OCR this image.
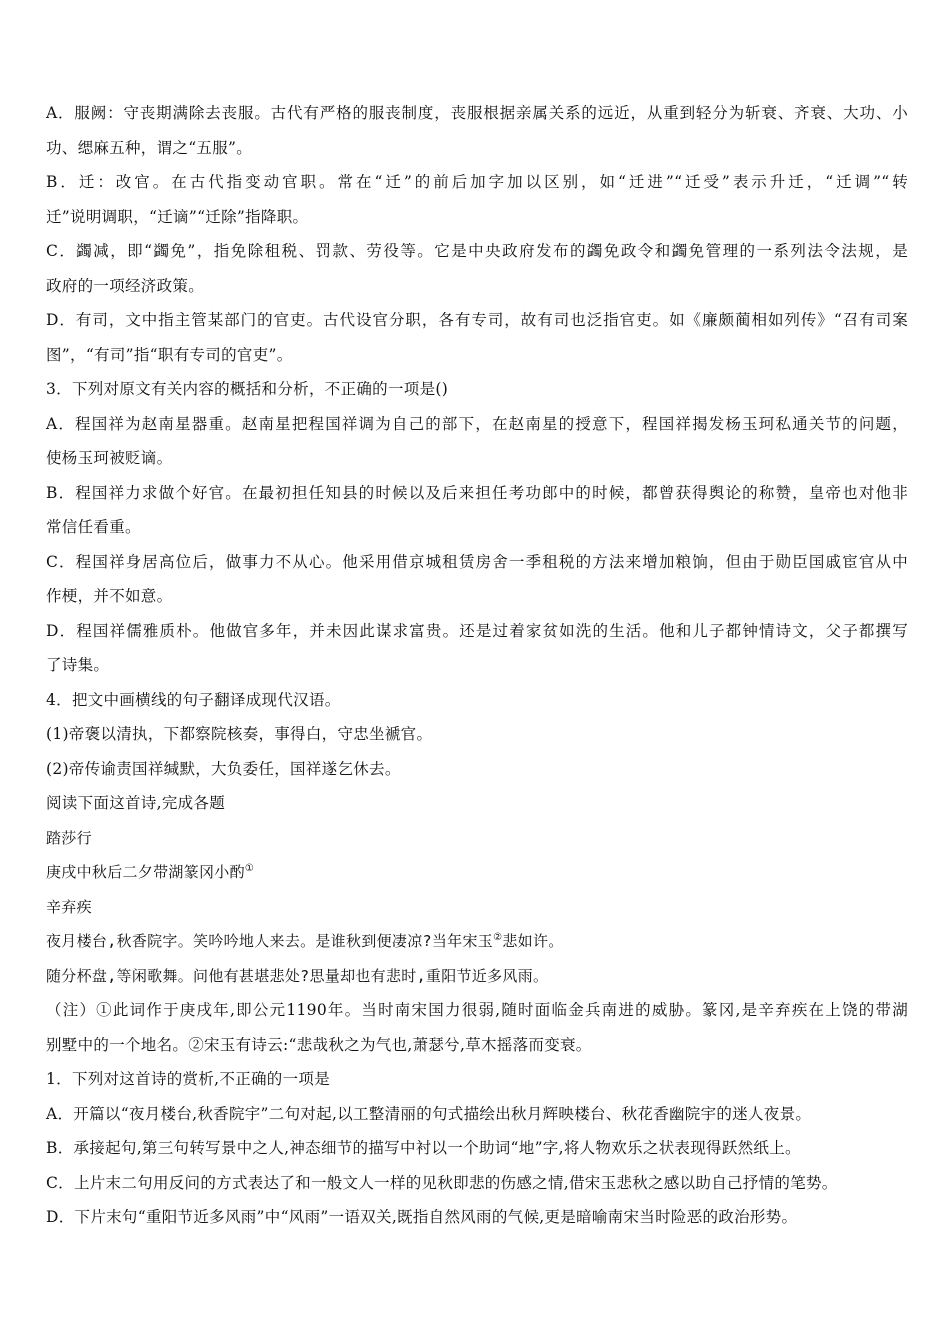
A．服阙：守丧期满除去丧服。古代有严格的服丧制度，丧服根据亲属关系的远近，从重到轻分为斩衰、齐衰、大功、小
功、缌麻五种，谓之“五服”。
B．迁：改官。在古代指变动官职。常在“迁”的前后加字加以区别，如“迁进”“迁受”表示升迁，“迁调”“转
迁”说明调职，“迁谪”“迁除”指降职。
C．蠲减，即“蠲免”，指免除租税、罚款、劳役等。它是中央政府发布的蠲免政令和蠲免管理的一系列法令法规，是
政府的一项经济政策。
D．有司，文中指主管某部门的官吏。古代设官分职，各有专司，故有司也泛指官吏。如《廉颇蔺相如列传》“召有司案
图”，“有司”指“职有专司的官吏”。
3．下列对原文有关内容的概括和分析，不正确的一项是()
A．程国祥为赵南星器重。赵南星把程国祥调为自己的部下，在赵南星的授意下，程国祥揭发杨玉珂私通关节的问题，
使杨玉珂被贬谪。
B．程国祥力求做个好官。在最初担任知县的时候以及后来担任考功郎中的时候，都曾获得舆论的称赞，皇帝也对他非
常信任看重。
C．程国祥身居高位后，做事力不从心。他采用借京城租赁房舍一季租税的方法来增加粮饷，但由于勋臣国戚宦官从中
作梗，并不如意。
D．程国祥儒雅质朴。他做官多年，并未因此谋求富贵。还是过着家贫如洗的生活。他和儿子都钟情诗文，父子都撰写
了诗集。
4．把文中画横线的句子翻译成现代汉语。
(1)帝褒以清执，下都察院核奏，事得白，守忠坐褫官。
(2)帝传谕责国祥缄默，大负委任，国祥遂乞休去。
阅读下面这首诗,完成各题
踏莎行
庚戌中秋后二夕带湖篆冈小酌①
辛弃疾
夜月楼台,秋香院字。笑吟吟地人来去。是谁秋到便凄凉?当年宋玉②悲如许。
随分杯盘,等闲歌舞。问他有甚堪悲处?思量却也有悲时,重阳节近多风雨。
（注）①此词作于庚戌年,即公元1190年。当时南宋国力很弱,随时面临金兵南进的威胁。篆冈,是辛弃疾在上饶的带湖
别墅中的一个地名。②宋玉有诗云:“悲哉秋之为气也,萧瑟兮,草木摇落而变衰。
1．下列对这首诗的赏析,不正确的一项是
A．开篇以“夜月楼台,秋香院宇”二句对起,以工整清丽的句式描绘出秋月辉映楼台、秋花香幽院宇的迷人夜景。
B．承接起句,第三句转写景中之人,神态细节的描写中衬以一个助词“地”字,将人物欢乐之状表现得跃然纸上。
C．上片末二句用反问的方式表达了和一般文人一样的见秋即悲的伤感之情,借宋玉悲秋之感以助自己抒情的笔势。
D．下片末句“重阳节近多风雨”中“风雨”一语双关,既指自然风雨的气候,更是暗喻南宋当时险恶的政治形势。
